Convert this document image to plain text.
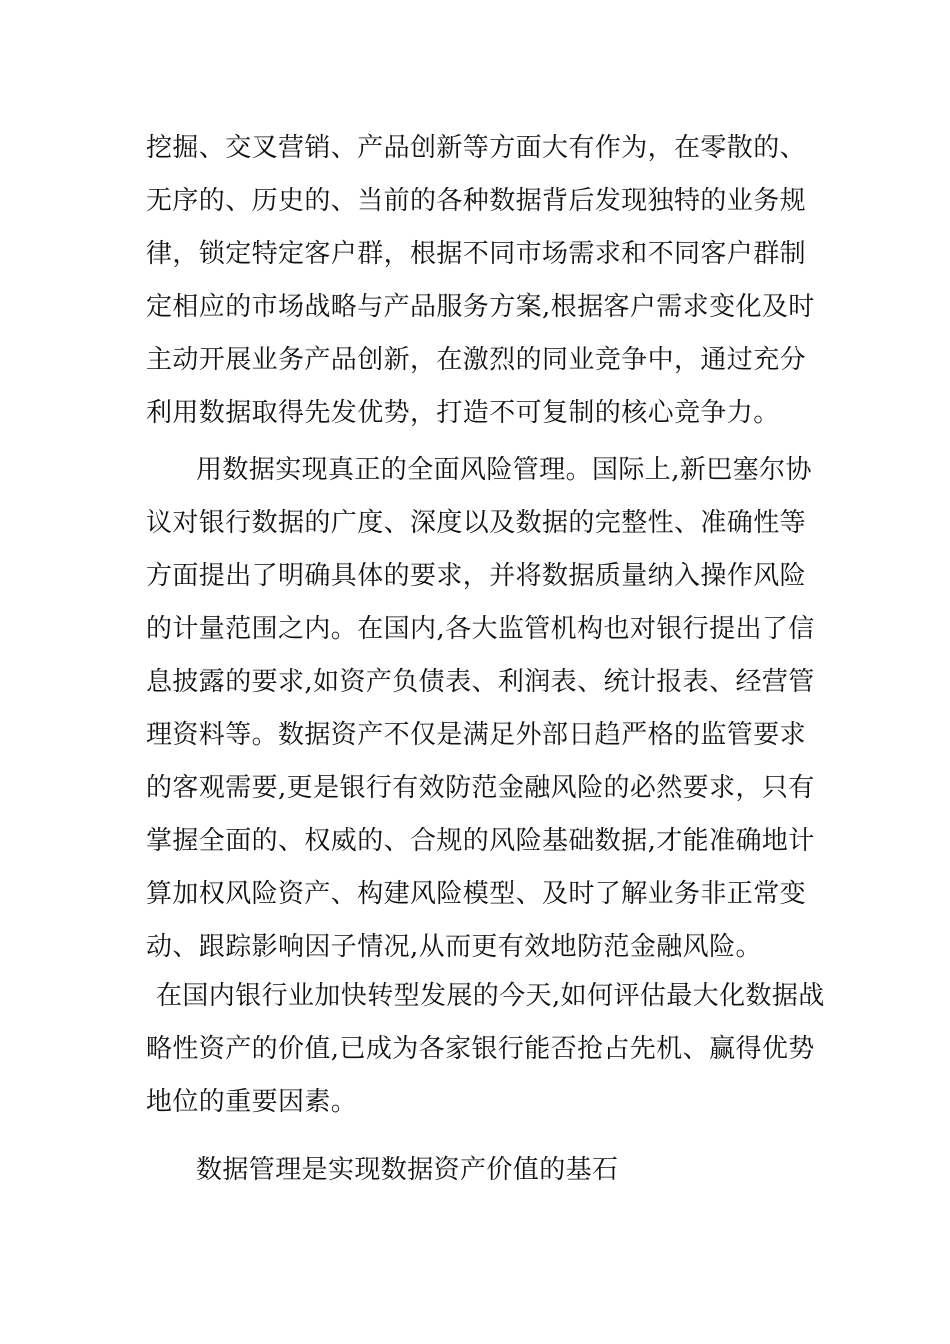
挖掘、交叉营销、产品创新等方面大有作为，在零散的、
无序的、历史的、当前的各种数据背后发现独特的业务规
律，锁定特定客户群，根据不同市场需求和不同客户群制
定相应的市场战略与产品服务方案,根据客户需求变化及时
主动开展业务产品创新，在激烈的同业竞争中，通过充分
利用数据取得先发优势，打造不可复制的核心竞争力。
用数据实现真正的全面风险管理。国际上,新巴塞尔协
议对银行数据的广度、深度以及数据的完整性、准确性等
方面提出了明确具体的要求，并将数据质量纳入操作风险
的计量范围之内。在国内,各大监管机构也对银行提出了信
息披露的要求,如资产负债表、利润表、统计报表、经营管
理资料等。数据资产不仅是满足外部日趋严格的监管要求
的客观需要,更是银行有效防范金融风险的必然要求，只有
掌握全面的、权威的、合规的风险基础数据,才能准确地计
算加权风险资产、构建风险模型、及时了解业务非正常变
动、跟踪影响因子情况,从而更有效地防范金融风险。
在国内银行业加快转型发展的今天,如何评估最大化数据战
略性资产的价值,已成为各家银行能否抢占先机、赢得优势
地位的重要因素。
数据管理是实现数据资产价值的基石
